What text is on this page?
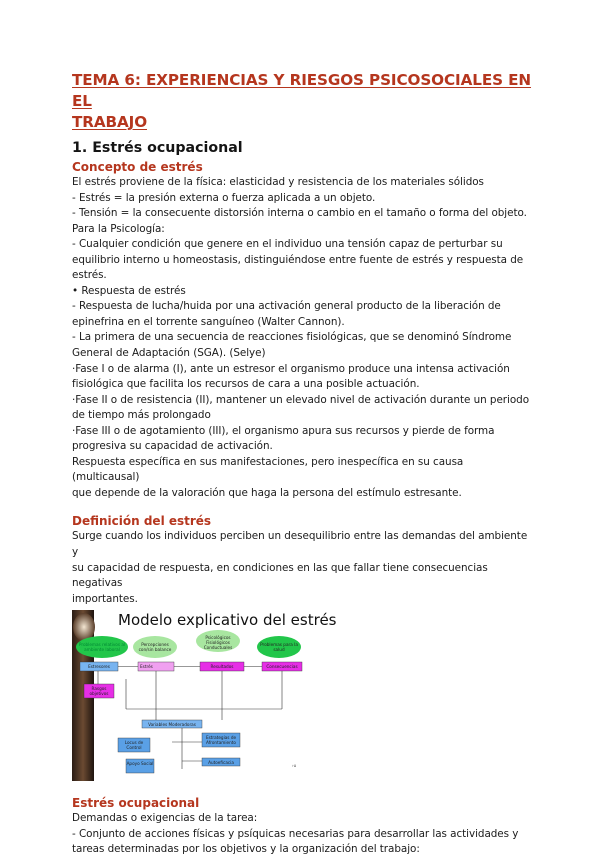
TEMA 6: EXPERIENCIAS Y RIESGOS PSICOSOCIALES EN EL
TRABAJO
1. Estrés ocupacional
Concepto de estrés

El estrés proviene de la física: elasticidad y resistencia de los materiales sólidos

- Estrés = la presión externa o fuerza aplicada a un objeto.

- Tensión = la consecuente distorsión interna o cambio en el tamaño o forma del objeto.

Para la Psicología:

- Cualquier condición que genere en el individuo una tensión capaz de perturbar su

equilibrio interno u homeostasis, distinguiéndose entre fuente de estrés y respuesta de

estrés.

• Respuesta de estrés

- Respuesta de lucha/huida por una activación general producto de la liberación de

epinefrina en el torrente sanguíneo (Walter Cannon).

- La primera de una secuencia de reacciones fisiológicas, que se denominó Síndrome

General de Adaptación (SGA). (Selye)

·Fase I o de alarma (I), ante un estresor el organismo produce una intensa activación

fisiológica que facilita los recursos de cara a una posible actuación.

·Fase II o de resistencia (II), mantener un elevado nivel de activación durante un periodo

de tiempo más prolongado

·Fase III o de agotamiento (III), el organismo apura sus recursos y pierde de forma

progresiva su capacidad de activación.

Respuesta específica en sus manifestaciones, pero inespecífica en su causa (multicausal)

que depende de la valoración que haga la persona del estímulo estresante.

Definición del estrés

Surge cuando los individuos perciben un desequilibrio entre las demandas del ambiente y

su capacidad de respuesta, en condiciones en las que fallar tiene consecuencias negativas

importantes.

›u
Modelo explicativo del estrés
Problemas relativos al ambiente laboral
Percepciones con/sin balance
Psicológicos Fisiológicos Conductuales
Problemas para la salud
Estresores	Estrés	Resultados	Consecuencias
Rasgos objetivos
Variables Moderadoras
Locus de Control
Estrategias de Afrontamiento
Apoyo Social	Autoeficacia
Estrés ocupacional

Demandas o exigencias de la tarea:

- Conjunto de acciones físicas y psíquicas necesarias para desarrollar las actividades y

tareas determinadas por los objetivos y la organización del trabajo:
